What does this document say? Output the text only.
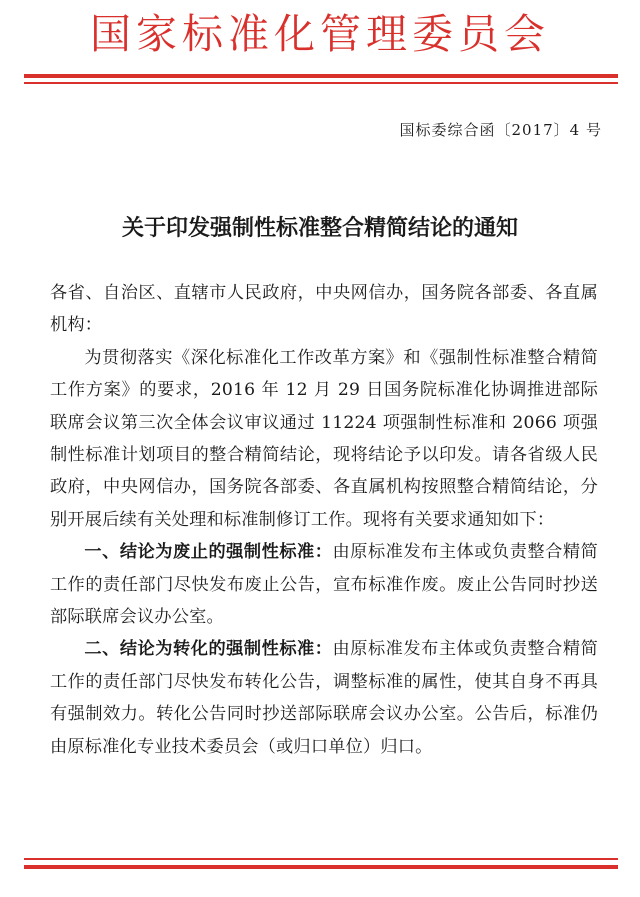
国家标准化管理委员会
国标委综合函〔2017〕4 号
关于印发强制性标准整合精简结论的通知

各省、自治区、直辖市人民政府，中央网信办，国务院各部委、各直属机构：

为贯彻落实《深化标准化工作改革方案》和《强制性标准整合精简工作方案》的要求，2016 年 12 月 29 日国务院标准化协调推进部际联席会议第三次全体会议审议通过 11224 项强制性标准和 2066 项强制性标准计划项目的整合精简结论，现将结论予以印发。请各省级人民政府，中央网信办，国务院各部委、各直属机构按照整合精简结论，分别开展后续有关处理和标准制修订工作。现将有关要求通知如下：

一、结论为废止的强制性标准：由原标准发布主体或负责整合精简工作的责任部门尽快发布废止公告，宣布标准作废。废止公告同时抄送部际联席会议办公室。

二、结论为转化的强制性标准：由原标准发布主体或负责整合精简工作的责任部门尽快发布转化公告，调整标准的属性，使其自身不再具有强制效力。转化公告同时抄送部际联席会议办公室。公告后，标准仍由原标准化专业技术委员会（或归口单位）归口。
